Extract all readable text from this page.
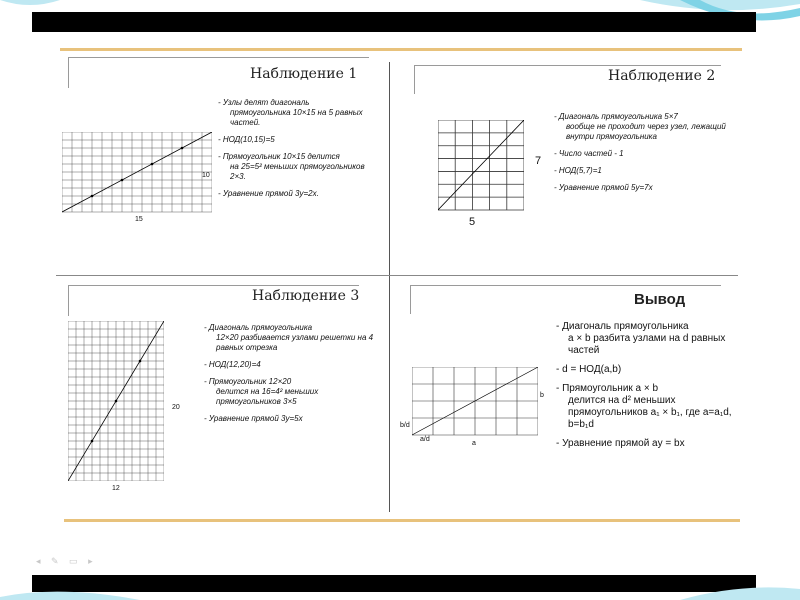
Наблюдение 1
15
10
- Узлы делят диагональ
прямоугольника 10×15 на 5 равных частей.
- НОД(10,15)=5
- Прямоугольник 10×15 делится
на 25=5² меньших прямоугольников 2×3.
- Уравнение прямой 3y=2x.
Наблюдение 2
7
5
- Диагональ прямоугольника 5×7
вообще не проходит через узел, лежащий внутри прямоугольника
- Число частей - 1
- НОД(5,7)=1
- Уравнение прямой 5y=7x
Наблюдение 3
20
12
- Диагональ прямоугольника
12×20 разбивается узлами решетки на 4 равных отрезка
- НОД(12,20)=4
- Прямоугольник 12×20
делится на 16=4² меньших прямоугольников 3×5
- Уравнение прямой 3y=5x
Вывод
b
b/d
a/d
a
- Диагональ прямоугольника
a × b разбита узлами на d равных частей
- d = НОД(a,b)
- Прямоугольник a × b
делится на d² меньших прямоугольников a₁ × b₁, где a=a₁d, b=b₁d
- Уравнение прямой ay = bx
◂ ✎ ▭ ▸
